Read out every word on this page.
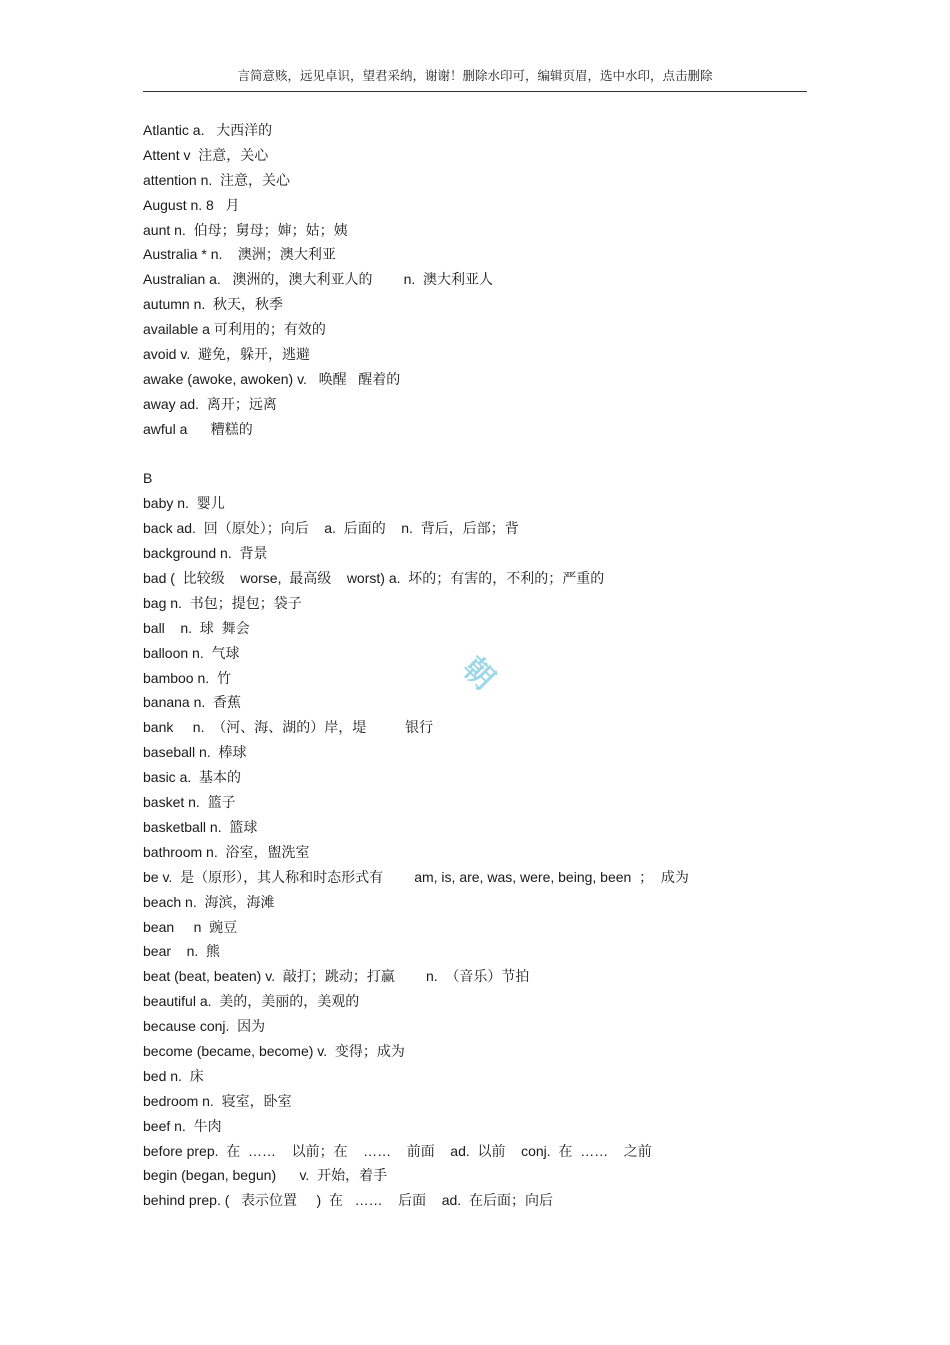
言简意赅，远见卓识，望君采纳，谢谢！删除水印可，编辑页眉，选中水印，点击删除
朝
Atlantic a.   大西洋的
Attent v  注意，关心
attention n.  注意，关心
August n. 8   月
aunt n.  伯母；舅母；婶；姑；姨
Australia * n.    澳洲；澳大利亚
Australian a.   澳洲的，澳大利亚人的        n.  澳大利亚人
autumn n.  秋天，秋季
available a 可利用的；有效的
avoid v.  避免，躲开，逃避
awake (awoke, awoken) v.   唤醒   醒着的
away ad.  离开；远离
awful a      糟糕的
B
baby n.  婴儿
back ad.  回（原处）；向后    a.  后面的    n.  背后，后部；背
background n.  背景
bad (  比较级    worse,  最高级    worst) a.  坏的；有害的，不利的；严重的
bag n.  书包；提包；袋子
ball    n.  球  舞会
balloon n.  气球
bamboo n.  竹
banana n.  香蕉
bank     n.  （河、海、湖的）岸，堤          银行
baseball n.  棒球
basic a.  基本的
basket n.  篮子
basketball n.  篮球
bathroom n.  浴室，盥洗室
be v.  是（原形），其人称和时态形式有        am, is, are, was, were, being, been  ；  成为
beach n.  海滨，海滩
bean     n  豌豆
bear    n.  熊
beat (beat, beaten) v.  敲打；跳动；打赢        n.  （音乐）节拍
beautiful a.  美的，美丽的，美观的
because conj.  因为
become (became, become) v.  变得；成为
bed n.  床
bedroom n.  寝室，卧室
beef n.  牛肉
before prep.  在  ……    以前；在    ……    前面    ad.  以前    conj.  在  ……    之前
begin (began, begun)      v.  开始，着手
behind prep. (   表示位置     )  在   ……    后面    ad.  在后面；向后
